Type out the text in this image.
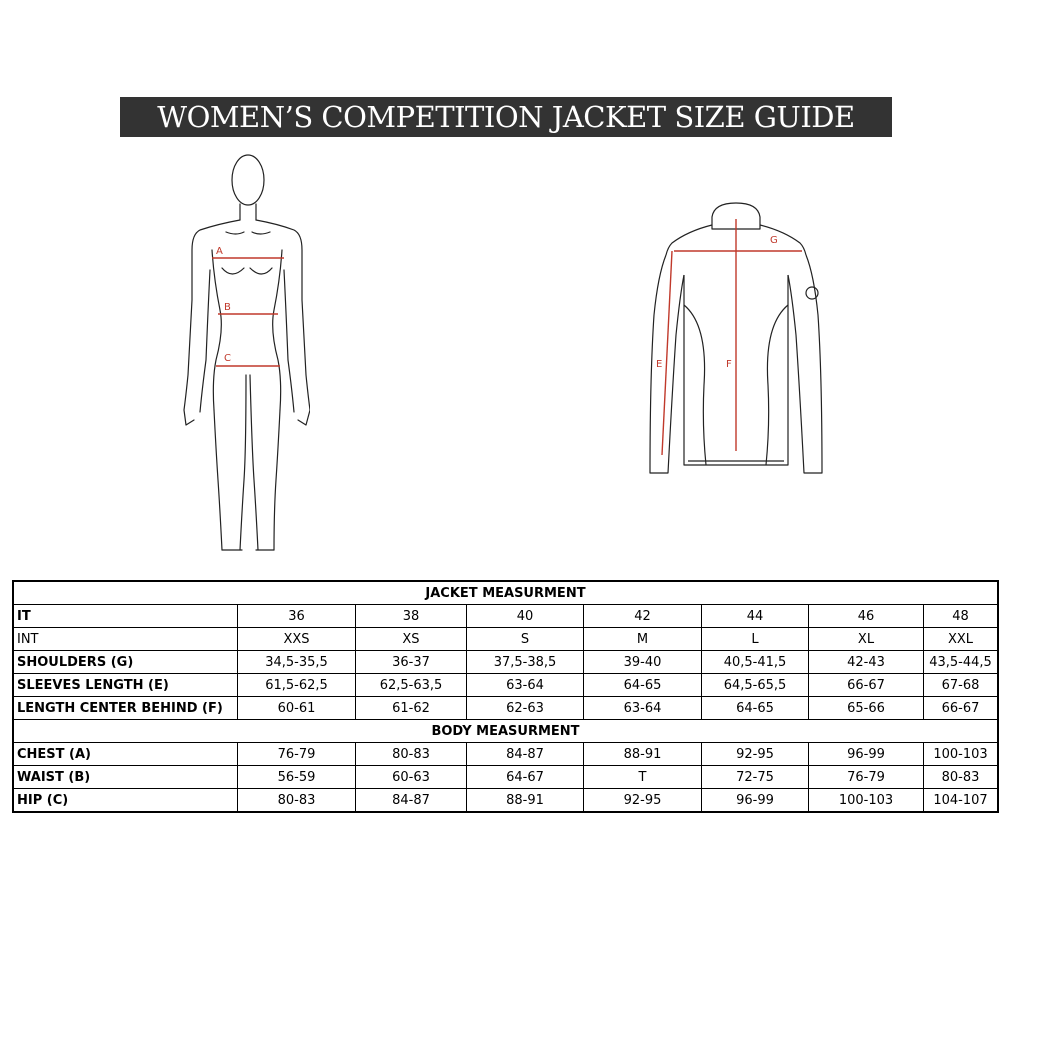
WOMEN’S COMPETITION JACKET SIZE GUIDE
A
B
C
G
E	F
JACKET MEASURMENT							
IT	36	38	40	42	44	46	48
INT	XXS	XS	S	M	L	XL	XXL
SHOULDERS (G)	34,5-35,5	36-37	37,5-38,5	39-40	40,5-41,5	42-43	43,5-44,5
SLEEVES LENGTH (E)	61,5-62,5	62,5-63,5	63-64	64-65	64,5-65,5	66-67	67-68
LENGTH CENTER BEHIND (F)	60-61	61-62	62-63	63-64	64-65	65-66	66-67
BODY MEASURMENT							
CHEST (A)	76-79	80-83	84-87	88-91	92-95	96-99	100-103
WAIST (B)	56-59	60-63	64-67	T	72-75	76-79	80-83
HIP (C)	80-83	84-87	88-91	92-95	96-99	100-103	104-107
